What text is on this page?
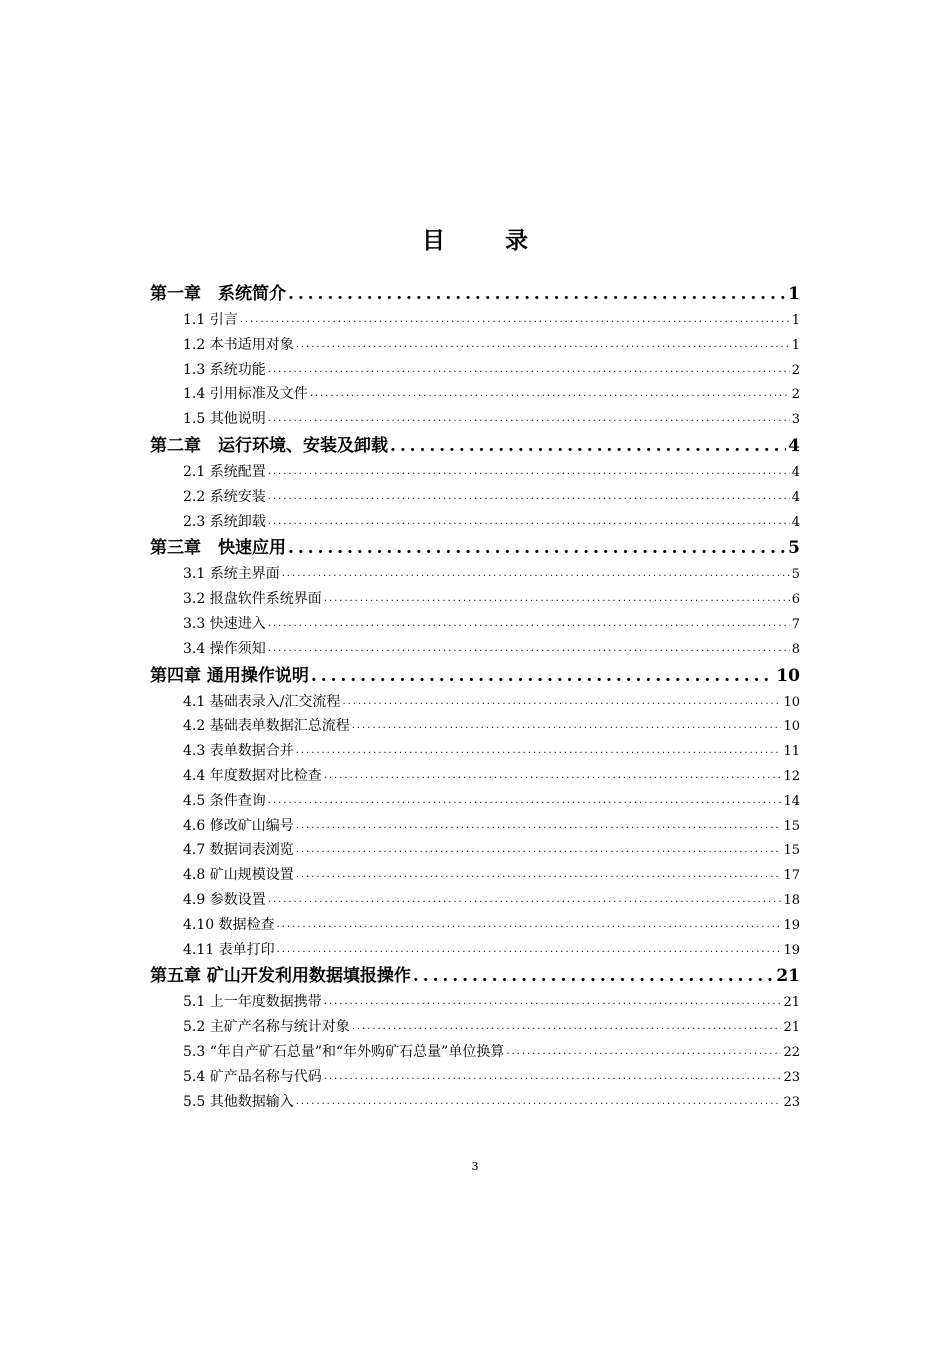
目 录
第一章　系统简介 . . .	1
1.1 引言 . . .	1
1.2 本书适用对象 . . .	1
1.3 系统功能 . . .	2
1.4 引用标准及文件 . . .	2
1.5 其他说明 . . .	3
第二章　运行环境、安装及卸载 . . .	4
2.1 系统配置 . . .	4
2.2 系统安装 . . .	4
2.3 系统卸载 . . .	4
第三章　快速应用 . . .	5
3.1 系统主界面 . . .	5
3.2 报盘软件系统界面 . . .	6
3.3 快速进入 . . .	7
3.4 操作须知 . . .	8
第四章 通用操作说明 . . .	10
4.1 基础表录入/汇交流程 . . .	10
4.2 基础表单数据汇总流程 . . .	10
4.3 表单数据合并 . . .	11
4.4 年度数据对比检查 . . .	12
4.5 条件查询 . . .	14
4.6 修改矿山编号 . . .	15
4.7 数据词表浏览 . . .	15
4.8 矿山规模设置 . . .	17
4.9 参数设置 . . .	18
4.10 数据检查 . . .	19
4.11 表单打印 . . .	19
第五章 矿山开发利用数据填报操作 . . .	21
5.1 上一年度数据携带 . . .	21
5.2 主矿产名称与统计对象 . . .	21
5.3 “年自产矿石总量”和“年外购矿石总量”单位换算 . . .	22
5.4 矿产品名称与代码 . . .	23
5.5 其他数据输入 . . .	23
3
